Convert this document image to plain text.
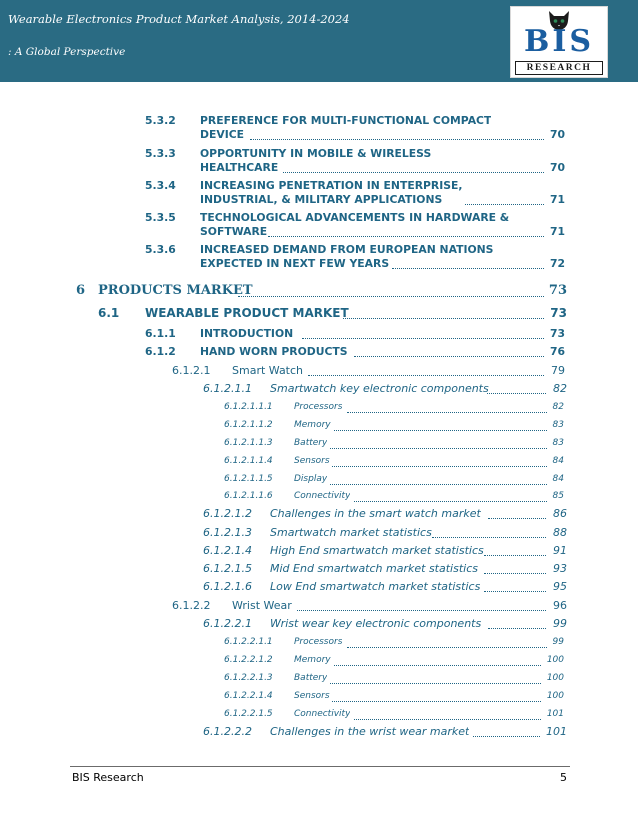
Wearable Electronics Product Market Analysis, 2014-2024
: A Global Perspective	BIS
RESEARCH
5.3.2 PREFERENCE FOR MULTI-FUNCTIONAL COMPACT
DEVICE	70
5.3.3 OPPORTUNITY IN MOBILE & WIRELESS
HEALTHCARE	70
5.3.4 INCREASING PENETRATION IN ENTERPRISE,
INDUSTRIAL, & MILITARY APPLICATIONS	71
5.3.5 TECHNOLOGICAL ADVANCEMENTS IN HARDWARE &
SOFTWARE	71
5.3.6 INCREASED DEMAND FROM EUROPEAN NATIONS
EXPECTED IN NEXT FEW YEARS	72
6 PRODUCTS MARKET	73
6.1 WEARABLE PRODUCT MARKET	73
6.1.1 INTRODUCTION	73
6.1.2 HAND WORN PRODUCTS	76
6.1.2.1 Smart Watch	79
6.1.2.1.1 Smartwatch key electronic components	82
6.1.2.1.1.1 Processors	82
6.1.2.1.1.2 Memory	83
6.1.2.1.1.3 Battery	83
6.1.2.1.1.4 Sensors	84
6.1.2.1.1.5 Display	84
6.1.2.1.1.6 Connectivity	85
6.1.2.1.2 Challenges in the smart watch market	86
6.1.2.1.3 Smartwatch market statistics	88
6.1.2.1.4 High End smartwatch market statistics	91
6.1.2.1.5 Mid End smartwatch market statistics	93
6.1.2.1.6 Low End smartwatch market statistics	95
6.1.2.2 Wrist Wear	96
6.1.2.2.1 Wrist wear key electronic components	99
6.1.2.2.1.1 Processors	99
6.1.2.2.1.2 Memory	100
6.1.2.2.1.3 Battery	100
6.1.2.2.1.4 Sensors	100
6.1.2.2.1.5 Connectivity	101
6.1.2.2.2 Challenges in the wrist wear market	101
BIS Research	5
